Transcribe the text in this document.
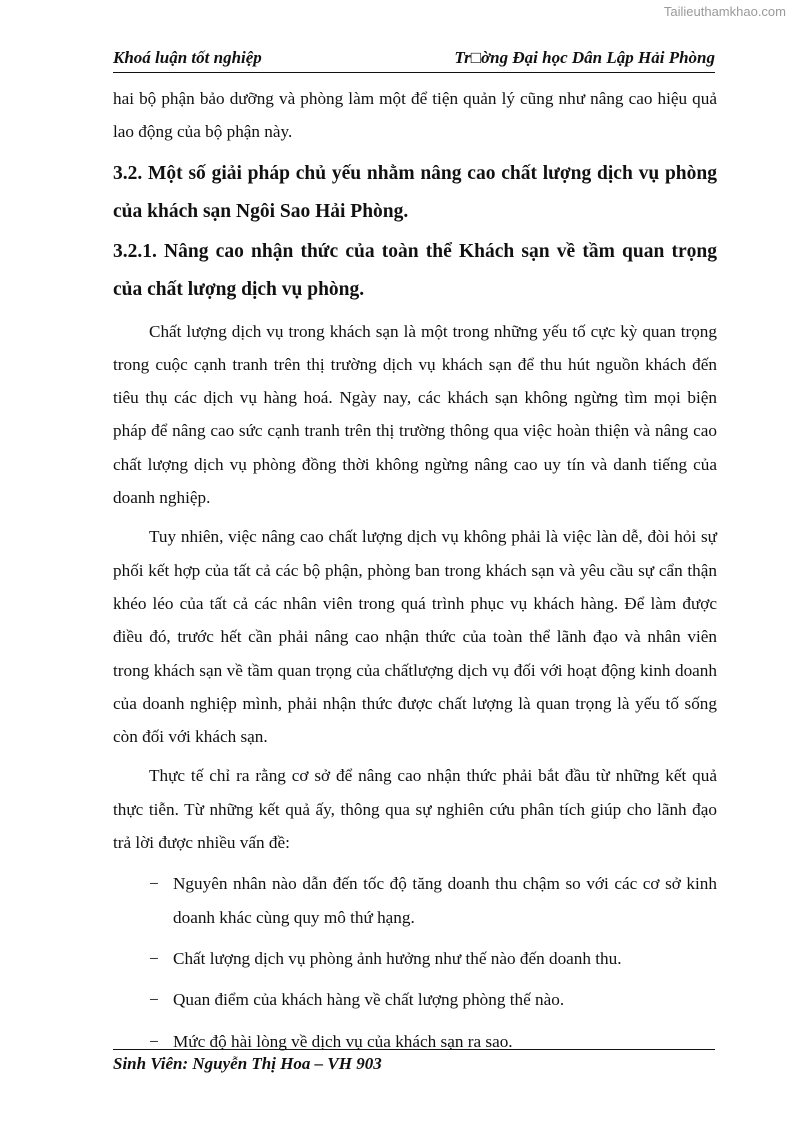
Tailieuthamkhao.com
Khoá luận tốt nghiệp	Tr□ờng Đại học Dân Lập Hải Phòng

hai bộ phận bảo dưỡng và phòng làm một để tiện quản lý cũng như nâng cao hiệu quả lao động của bộ phận này.

3.2. Một số giải pháp chủ yếu nhằm nâng cao chất lượng dịch vụ phòng của khách sạn Ngôi Sao Hải Phòng.

3.2.1. Nâng cao nhận thức của toàn thể Khách sạn về tầm quan trọng của chất lượng dịch vụ phòng.

Chất lượng dịch vụ trong khách sạn là một trong những yếu tố cực kỳ quan trọng trong cuộc cạnh tranh trên thị trường dịch vụ khách sạn để thu hút nguồn khách đến tiêu thụ các dịch vụ hàng hoá. Ngày nay, các khách sạn không ngừng tìm mọi biện pháp để nâng cao sức cạnh tranh trên thị trường thông qua việc hoàn thiện và nâng cao chất lượng dịch vụ phòng đồng thời không ngừng nâng cao uy tín và danh tiếng của doanh nghiệp.

Tuy nhiên, việc nâng cao chất lượng dịch vụ không phải là việc làn dễ, đòi hỏi sự phối kết hợp của tất cả các bộ phận, phòng ban trong khách sạn và yêu cầu sự cẩn thận khéo léo của tất cả các nhân viên trong quá trình phục vụ khách hàng. Để làm được điều đó, trước hết cần phải nâng cao nhận thức của toàn thể lãnh đạo và nhân viên trong khách sạn về tầm quan trọng của chấtlượng dịch vụ đối với hoạt động kinh doanh của doanh nghiệp mình, phải nhận thức được chất lượng là quan trọng là yếu tố sống còn đối với khách sạn.

Thực tế chỉ ra rằng cơ sở để nâng cao nhận thức phải bắt đầu từ những kết quả thực tiễn. Từ những kết quả ấy, thông qua sự nghiên cứu phân tích giúp cho lãnh đạo trả lời được nhiều vấn đề:

− Nguyên nhân nào dẫn đến tốc độ tăng doanh thu chậm so với các cơ sở kinh doanh khác cùng quy mô thứ hạng.
− Chất lượng dịch vụ phòng ảnh hưởng như thế nào đến doanh thu.
− Quan điểm của khách hàng về chất lượng phòng thế nào.
− Mức độ hài lòng về dịch vụ của khách sạn ra sao.
Sinh Viên: Nguyễn Thị Hoa – VH 903
